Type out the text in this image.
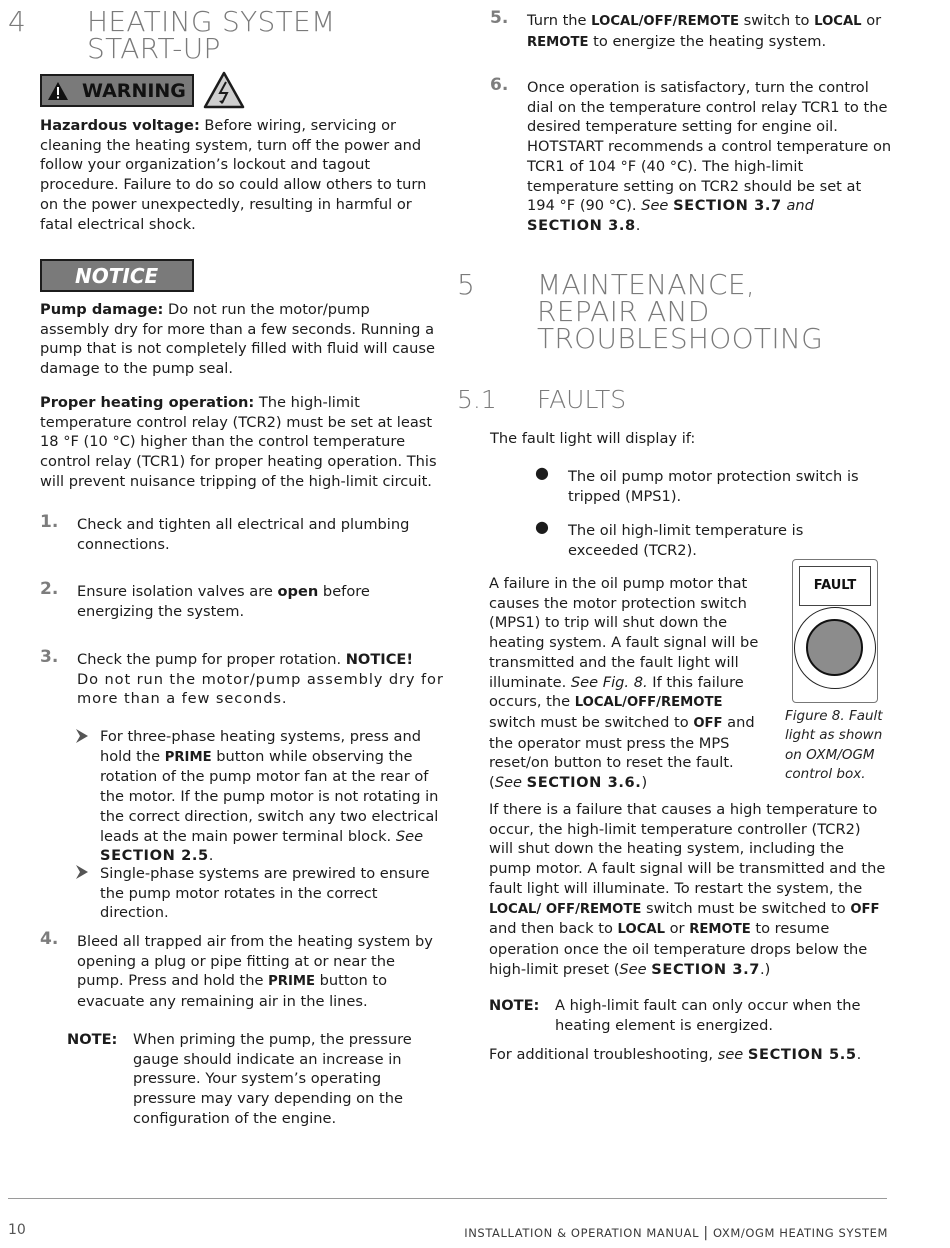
4 HEATING SYSTEM
START-UP
WARNING
Hazardous voltage: Before wiring, servicing or cleaning the heating system, turn off the power and follow your organization’s lockout and tagout procedure. Failure to do so could allow others to turn on the power unexpectedly, resulting in harmful or fatal electrical shock.
NOTICE
Pump damage: Do not run the motor/pump assembly dry for more than a few seconds. Running a pump that is not completely filled with fluid will cause damage to the pump seal.
Proper heating operation: The high-limit temperature control relay (TCR2) must be set at least 18 °F (10 °C) higher than the control temperature control relay (TCR1) for proper heating operation. This will prevent nuisance tripping of the high-limit circuit.
1. Check and tighten all electrical and plumbing connections.
2. Ensure isolation valves are open before energizing the system.
3. Check the pump for proper rotation. NOTICE!
Do not run the motor/pump assembly dry for more than a few seconds.
For three-phase heating systems, press and hold the PRIME button while observing the rotation of the pump motor fan at the rear of the motor. If the pump motor is not rotating in the correct direction, switch any two electrical leads at the main power terminal block. See SECTION 2.5.
Single-phase systems are prewired to ensure the pump motor rotates in the correct direction.
4. Bleed all trapped air from the heating system by opening a plug or pipe fitting at or near the pump. Press and hold the PRIME button to evacuate any remaining air in the lines.
NOTE: When priming the pump, the pressure gauge should indicate an increase in pressure. Your system’s operating pressure may vary depending on the configuration of the engine.
5. Turn the LOCAL/OFF/REMOTE switch to LOCAL or REMOTE to energize the heating system.
6. Once operation is satisfactory, turn the control dial on the temperature control relay TCR1 to the desired temperature setting for engine oil. HOTSTART recommends a control temperature on TCR1 of 104 °F (40 °C). The high-limit temperature setting on TCR2 should be set at 194 °F (90 °C). See SECTION 3.7 and SECTION 3.8.
5 MAINTENANCE,
REPAIR AND
TROUBLESHOOTING
5.1 FAULTS
The fault light will display if:
● The oil pump motor protection switch is tripped (MPS1).
● The oil high-limit temperature is exceeded (TCR2).
A failure in the oil pump motor that causes the motor protection switch (MPS1) to trip will shut down the heating system. A fault signal will be transmitted and the fault light will illuminate. See Fig. 8. If this failure occurs, the LOCAL/OFF/REMOTE switch must be switched to OFF and the operator must press the MPS reset/on button to reset the fault. (See SECTION 3.6.)
FAULT
Figure 8. Fault light as shown on OXM/OGM control box.
If there is a failure that causes a high temperature to occur, the high-limit temperature controller (TCR2) will shut down the heating system, including the pump motor. A fault signal will be transmitted and the fault light will illuminate. To restart the system, the LOCAL/ OFF/REMOTE switch must be switched to OFF and then back to LOCAL or REMOTE to resume operation once the oil temperature drops below the high-limit preset (See SECTION 3.7.)
NOTE: A high-limit fault can only occur when the heating element is energized.
For additional troubleshooting, see SECTION 5.5.
10	INSTALLATION & OPERATION MANUAL | OXM/OGM HEATING SYSTEM
